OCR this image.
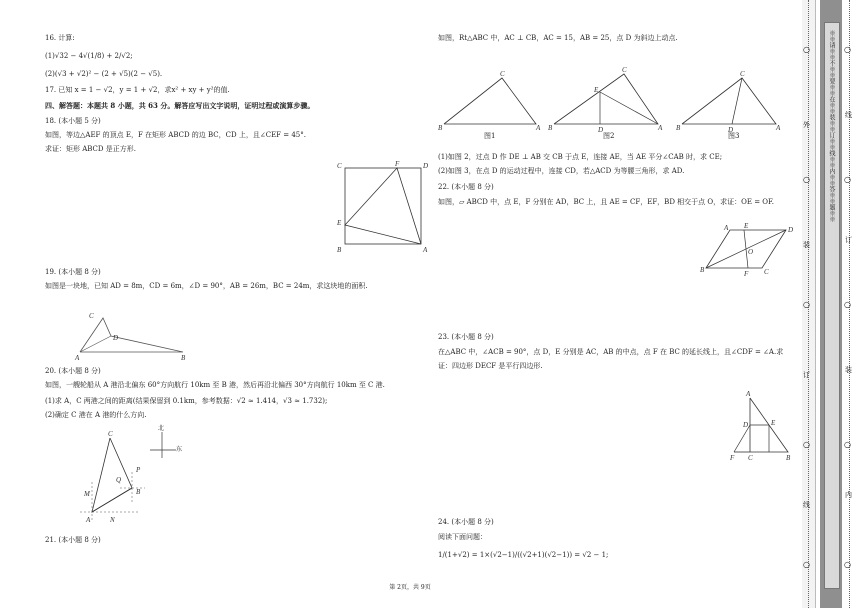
16. 计算:
(1)√32 − 4√(1/8) + 2/√2;
(2)(√3 + √2)² − (2 + √5)(2 − √5).
17. 已知 x = 1 − √2，y = 1 + √2，求x² + xy + y²的值.
四、解答题：本题共 8 小题，共 63 分。解答应写出文字说明，证明过程或演算步骤。
18. (本小题 5 分)
如图，等边△AEF 的顶点 E，F 在矩形 ABCD 的边 BC，CD 上，且∠CEF = 45°.
求证：矩形 ABCD 是正方形.
C	F	D
E
B	A
19. (本小题 8 分)
如图是一块地，已知 AD = 8m，CD = 6m，∠D = 90°，AB = 26m，BC = 24m，求这块地的面积.
C
D
A	B
20. (本小题 8 分)
如图，一艘轮船从 A 港沿北偏东 60°方向航行 10km 至 B 港，然后再沿北偏西 30°方向航行 10km 至 C 港.
(1)求 A，C 两港之间的距离(结果保留到 0.1km，参考数据：√2 ≈ 1.414，√3 ≈ 1.732);
(2)确定 C 港在 A 港的什么方向.
C
Q
P
B
M
A	N
北
东
21. (本小题 8 分)
如图，Rt△ABC 中，AC ⊥ CB，AC = 15，AB = 25，点 D 为斜边上动点.
B
C
A
图1
B
C
E
D	A
图2
B
C
D	A
图3
(1)如图 2，过点 D 作 DE ⊥ AB 交 CB 于点 E，连接 AE，当 AE 平分∠CAB 时，求 CE;
(2)如图 3，在点 D 的运动过程中，连接 CD，若△ACD 为等腰三角形，求 AD.
22. (本小题 8 分)
如图，▱ ABCD 中，点 E，F 分别在 AD，BC 上，且 AE = CF，EF，BD 相交于点 O，求证：OE = OF.
A E	D
O
B	F C
23. (本小题 8 分)
在△ABC 中，∠ACB = 90°，点 D，E 分别是 AC，AB 的中点，点 F 在 BC 的延长线上，且∠CDF = ∠A.求
证：四边形 DECF 是平行四边形.
A
D	E
F C	B
24. (本小题 8 分)
阅读下面问题：
1/(1+√2) = 1×(√2−1)/((√2+1)(√2−1)) = √2 − 1;
第 2页，共 9页
○
外
○
装
○
订
○
线
○
※※请※※不※※要※※在※※装※※订※※线※※内※※答※※题※※ ○
线
○
订
○
装
○
内
○
